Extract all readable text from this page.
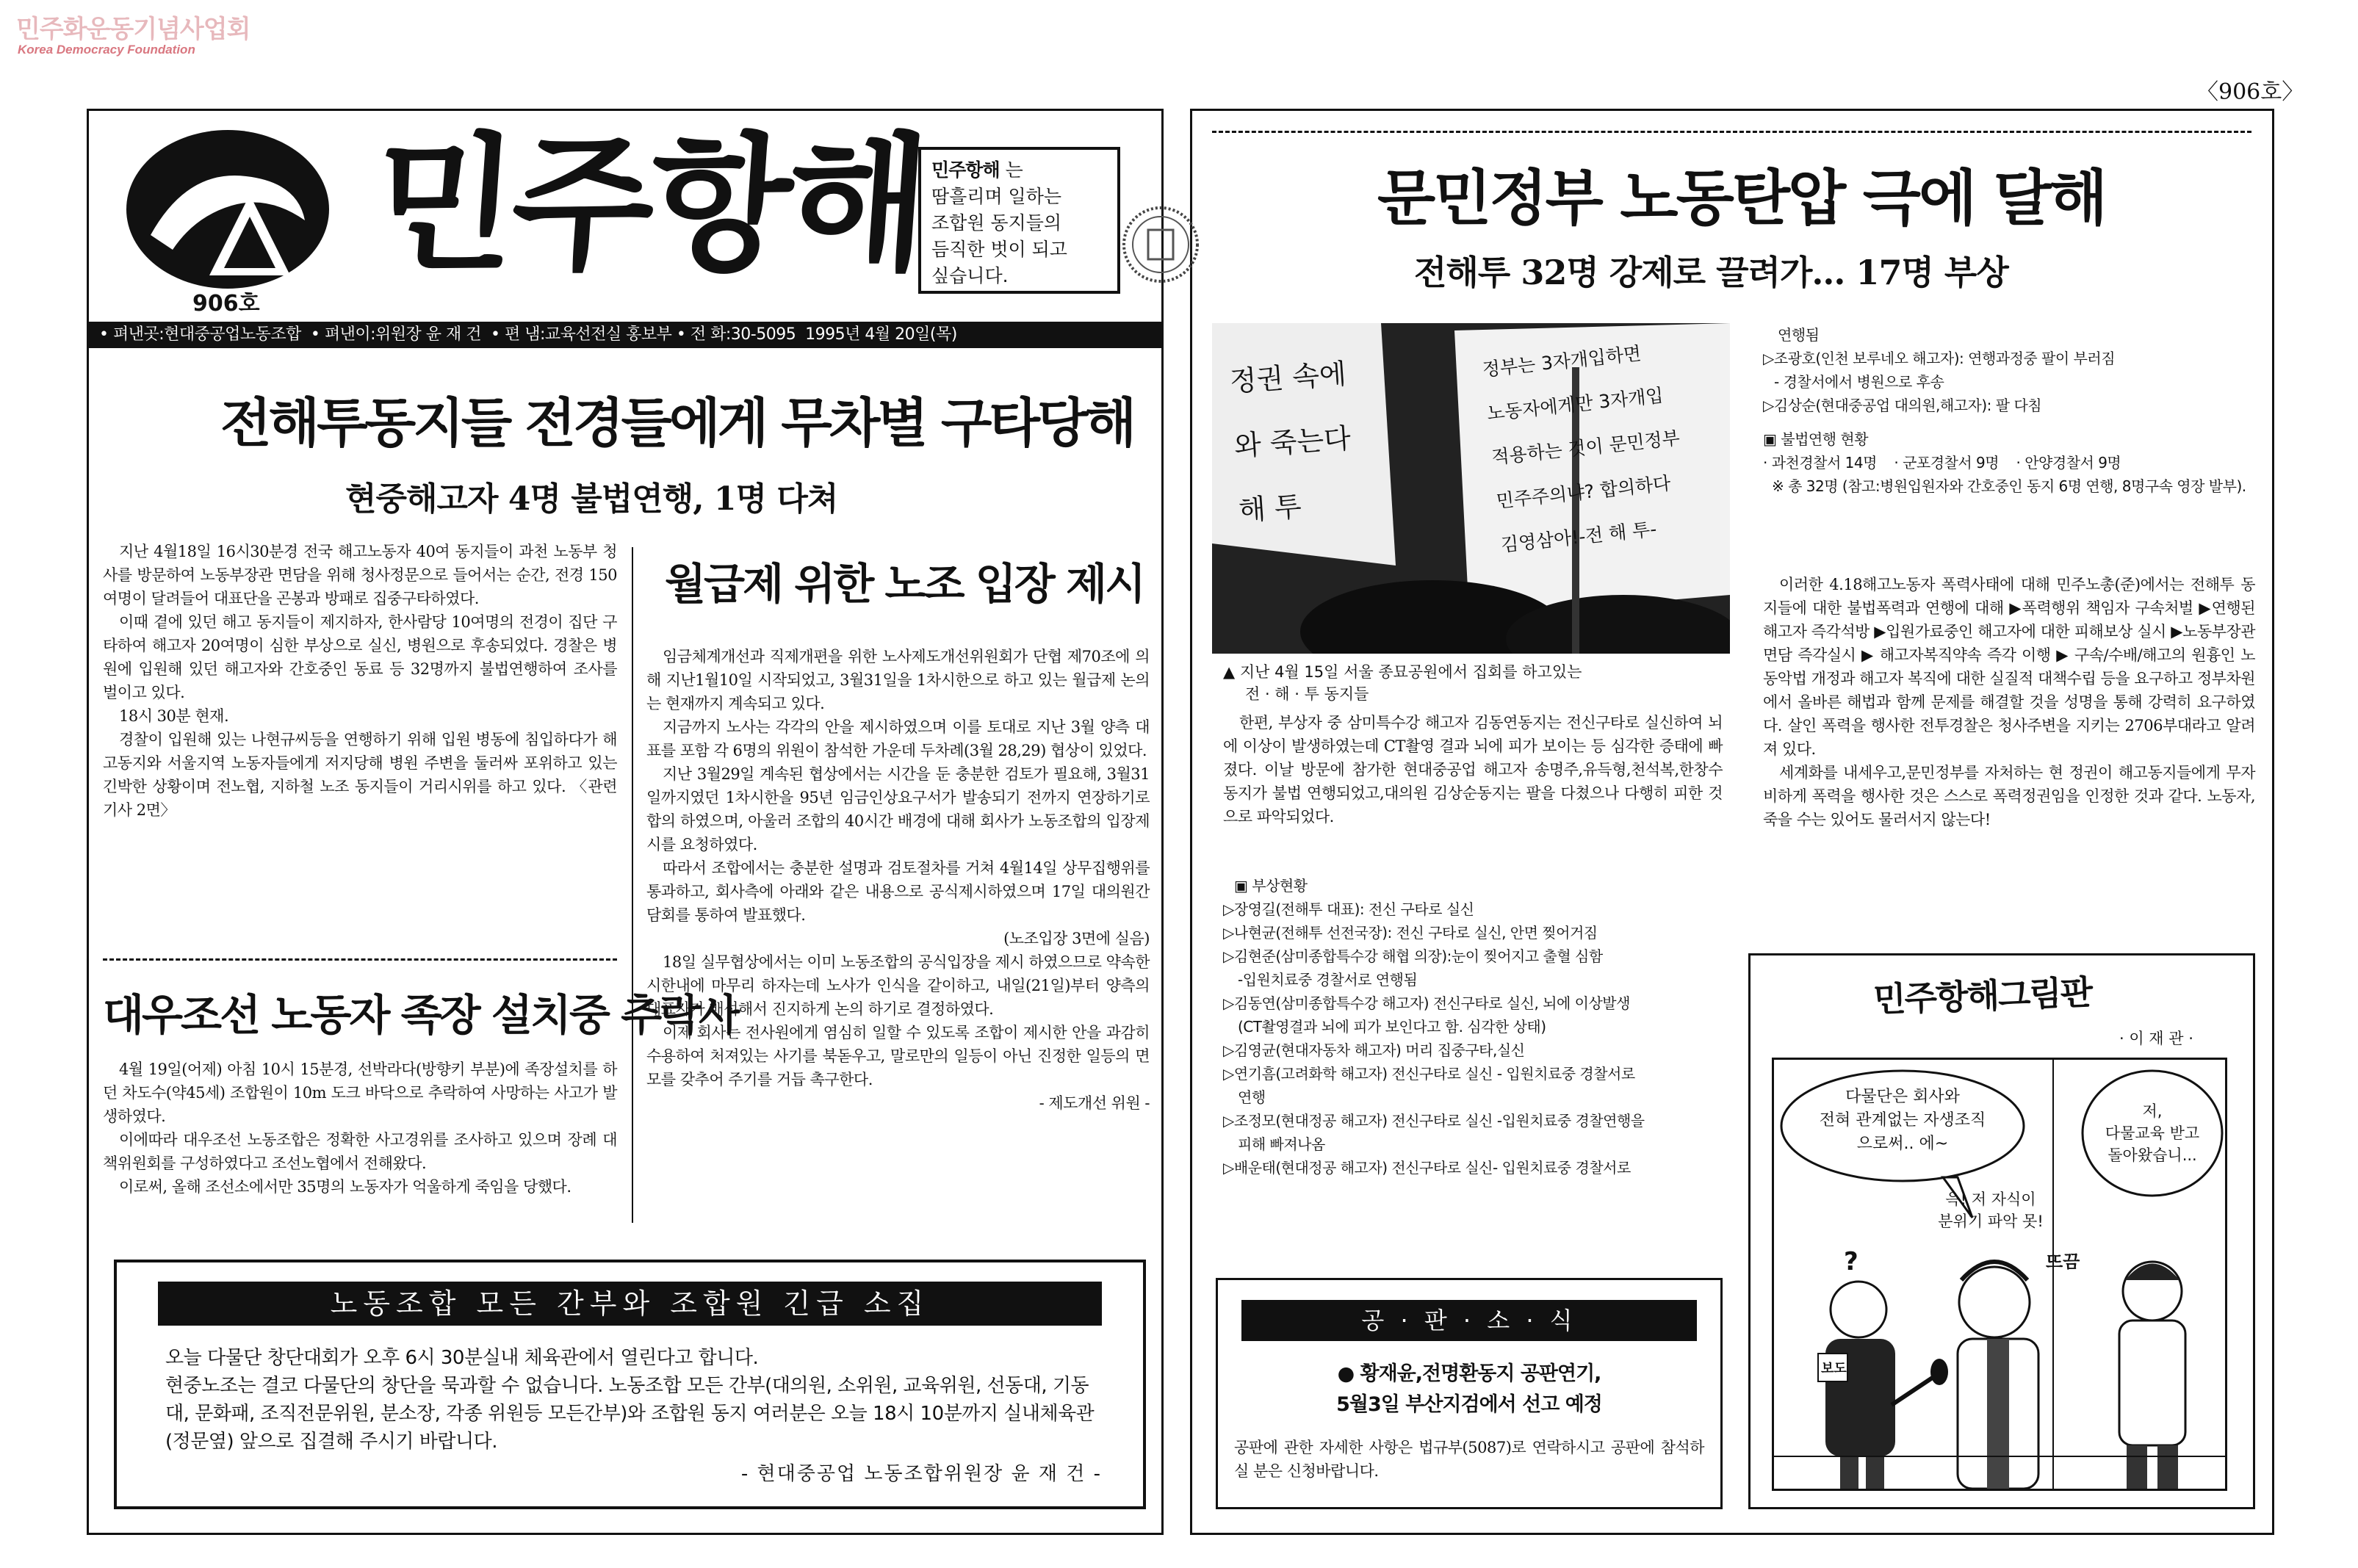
민주화운동기념사업회
Korea Democracy Foundation
〈906호〉
906호
민주항해 민주항해 는
땀흘리며 일하는
조합원 동지들의
듬직한 벗이 되고
싶습니다.
• 펴낸곳:현대중공업노동조합  • 펴낸이:위원장 윤 재 건  • 편 냄:교육선전실 홍보부 • 전 화:30-5095  1995년 4월 20일(목)
전해투동지들 전경들에게 무차별 구타당해
현중해고자 4명 불법연행, 1명 다쳐

지난 4월18일 16시30분경 전국 해고노동자 40여 동지들이 과천 노동부 청사를 방문하여 노동부장관 면담을 위해 청사정문으로 들어서는 순간, 전경 150여명이 달려들어 대표단을 곤봉과 방패로 집중구타하였다.

이때 곁에 있던 해고 동지들이 제지하자, 한사람당 10여명의 전경이 집단 구타하여 해고자 20여명이 심한 부상으로 실신, 병원으로 후송되었다. 경찰은 병원에 입원해 있던 해고자와 간호중인 동료 등 32명까지 불법연행하여 조사를 벌이고 있다.

18시 30분 현재.

경찰이 입원해 있는 나현규씨등을 연행하기 위해 입원 병동에 침입하다가 해고동지와 서울지역 노동자들에게 저지당해 병원 주변을 둘러싸 포위하고 있는 긴박한 상황이며 전노협, 지하철 노조 동지들이 거리시위를 하고 있다. 〈관련기사 2면〉

대우조선 노동자 족장 설치중 추락사

4월 19일(어제) 아침 10시 15분경, 선박라다(방향키 부분)에 족장설치를 하던 차도수(약45세) 조합원이 10m 도크 바닥으로 추락하여 사망하는 사고가 발생하였다.

이에따라 대우조선 노동조합은 정확한 사고경위를 조사하고 있으며 장례 대책위원회를 구성하였다고 조선노협에서 전해왔다.

이로써, 올해 조선소에서만 35명의 노동자가 억울하게 죽임을 당했다.

월급제 위한 노조 입장 제시

임금체계개선과 직제개편을 위한 노사제도개선위원회가 단협 제70조에 의해 지난1월10일 시작되었고, 3월31일을 1차시한으로 하고 있는 월급제 논의는 현재까지 계속되고 있다.

지금까지 노사는 각각의 안을 제시하였으며 이를 토대로 지난 3월 양측 대표를 포함 각 6명의 위원이 참석한 가운데 두차례(3월 28,29) 협상이 있었다.

지난 3월29일 계속된 협상에서는 시간을 둔 충분한 검토가 필요해, 3월31일까지였던 1차시한을 95년 임금인상요구서가 발송되기 전까지 연장하기로 합의 하였으며, 아울러 조합의 40시간 배경에 대해 회사가 노동조합의 입장제시를 요청하였다.

따라서 조합에서는 충분한 설명과 검토절차를 거쳐 4월14일 상무집행위를 통과하고, 회사측에 아래와 같은 내용으로 공식제시하였으며 17일 대의원간담회를 통하여 발표했다.

(노조입장 3면에 실음)

18일 실무협상에서는 이미 노동조합의 공식입장을 제시 하였으므로 약속한 시한내에 마무리 하자는데 노사가 인식을 같이하고, 내일(21일)부터 양측의 대표자가 배석해서 진지하게 논의 하기로 결정하였다.

이제 회사는 전사원에게 염심히 일할 수 있도록 조합이 제시한 안을 과감히 수용하여 처져있는 사기를 북돋우고, 말로만의 일등이 아닌 진정한 일등의 면모를 갖추어 주기를 거듭 촉구한다.

- 제도개선 위원 -
노동조합 모든 간부와 조합원 긴급 소집
오늘 다물단 창단대회가 오후 6시 30분실내 체육관에서 열린다고 합니다.
현중노조는 결코 다물단의 창단을 묵과할 수 없습니다. 노동조합 모든 간부(대의원, 소위원, 교육위원, 선동대, 기동대, 문화패, 조직전문위원, 분소장, 각종 위원등 모든간부)와 조합원 동지 여러분은 오늘 18시 10분까지 실내체육관(정문옆) 앞으로 집결해 주시기 바랍니다.
- 현대중공업 노동조합위원장 윤 재 건 -
문민정부 노동탄압 극에 달해
전해투 32명 강제로 끌려가… 17명 부상
정권 속에
와 죽는다
해 투
정부는 3자개입하면
노동자에게만 3자개입
적용하는 것이 문민정부
민주주의냐? 합의하다
김영삼아!-전 해 투-
▲ 지난 4월 15일 서울 종묘공원에서 집회를 하고있는
전 · 해 · 투 동지들

한편, 부상자 중 삼미특수강 해고자 김동연동지는 전신구타로 실신하여 뇌에 이상이 발생하였는데 CT촬영 결과 뇌에 피가 보이는 등 심각한 증태에 빠졌다. 이날 방문에 참가한 현대중공업 해고자 송명주,유득형,천석복,한창수 동지가 불법 연행되었고,대의원 김상순동지는 팔을 다쳤으나 다행히 피한 것으로 파악되었다.

▣ 부상현황
▷장영길(전해투 대표): 전신 구타로 실신
▷나현균(전해투 선전국장): 전신 구타로 실신, 안면 찢어거짐
▷김현준(삼미종합특수강 해협 의장):눈이 찢어지고 출혈 심함
-입원치료중 경찰서로 연행됨
▷김동연(삼미종합특수강 해고자) 전신구타로 실신, 뇌에 이상발생
(CT촬영결과 뇌에 피가 보인다고 함. 심각한 상태)
▷김영균(현대자동차 해고자) 머리 집중구타,실신
▷연기흠(고려화학 해고자) 전신구타로 실신 - 입원치료중 경찰서로
연행
▷조정모(현대정공 해고자) 전신구타로 실신 -입원치료중 경찰연행을
피해 빠져나옴
▷배운태(현대정공 해고자) 전신구타로 실신- 입원치료중 경찰서로
공 · 판 · 소 · 식
● 황재윤,전명환동지 공판연기,
5월3일 부산지검에서 선고 예정
공판에 관한 자세한 사항은 법규부(5087)로 연락하시고 공판에 참석하실 분은 신청바랍니다.
연행됨
▷조광호(인천 보루네오 해고자): 연행과정중 팔이 부러짐
- 경찰서에서 병원으로 후송
▷김상순(현대중공업 대의원,해고자): 팔 다침
▣ 불법연행 현황
· 과천경찰서 14명    · 군포경찰서 9명    · 안양경찰서 9명
※ 총 32명 (참고:병원입원자와 간호중인 동지 6명 연행, 8명구속 영장 발부).

이러한 4.18해고노동자 폭력사태에 대해 민주노총(준)에서는 전해투 동지들에 대한 불법폭력과 연행에 대해 ▶폭력행위 책임자 구속처벌 ▶연행된 해고자 즉각석방 ▶입원가료중인 해고자에 대한 피해보상 실시 ▶노동부장관 면담 즉각실시 ▶ 해고자복직약속 즉각 이행 ▶ 구속/수배/해고의 원흉인 노동악법 개정과 해고자 복직에 대한 실질적 대책수립 등을 요구하고 정부차원에서 올바른 해법과 함께 문제를 해결할 것을 성명을 통해 강력히 요구하였다. 살인 폭력을 행사한 전투경찰은 청사주변을 지키는 2706부대라고 알려져 있다.

세계화를 내세우고,문민정부를 자처하는 현 정권이 해고동지들에게 무자비하게 폭력을 행사한 것은 스스로 폭력정권임을 인정한 것과 같다. 노동자, 죽을 수는 있어도 물러서지 않는다!

민주항해그림판
· 이 재 관 ·
다물단은 회사와
전혀 관계없는 자생조직
으로써.. 에~
윽! 저 자식이
분위기 파악 못!
저,
다물교육 받고
돌아왔습니...
뜨끔
?
보도
